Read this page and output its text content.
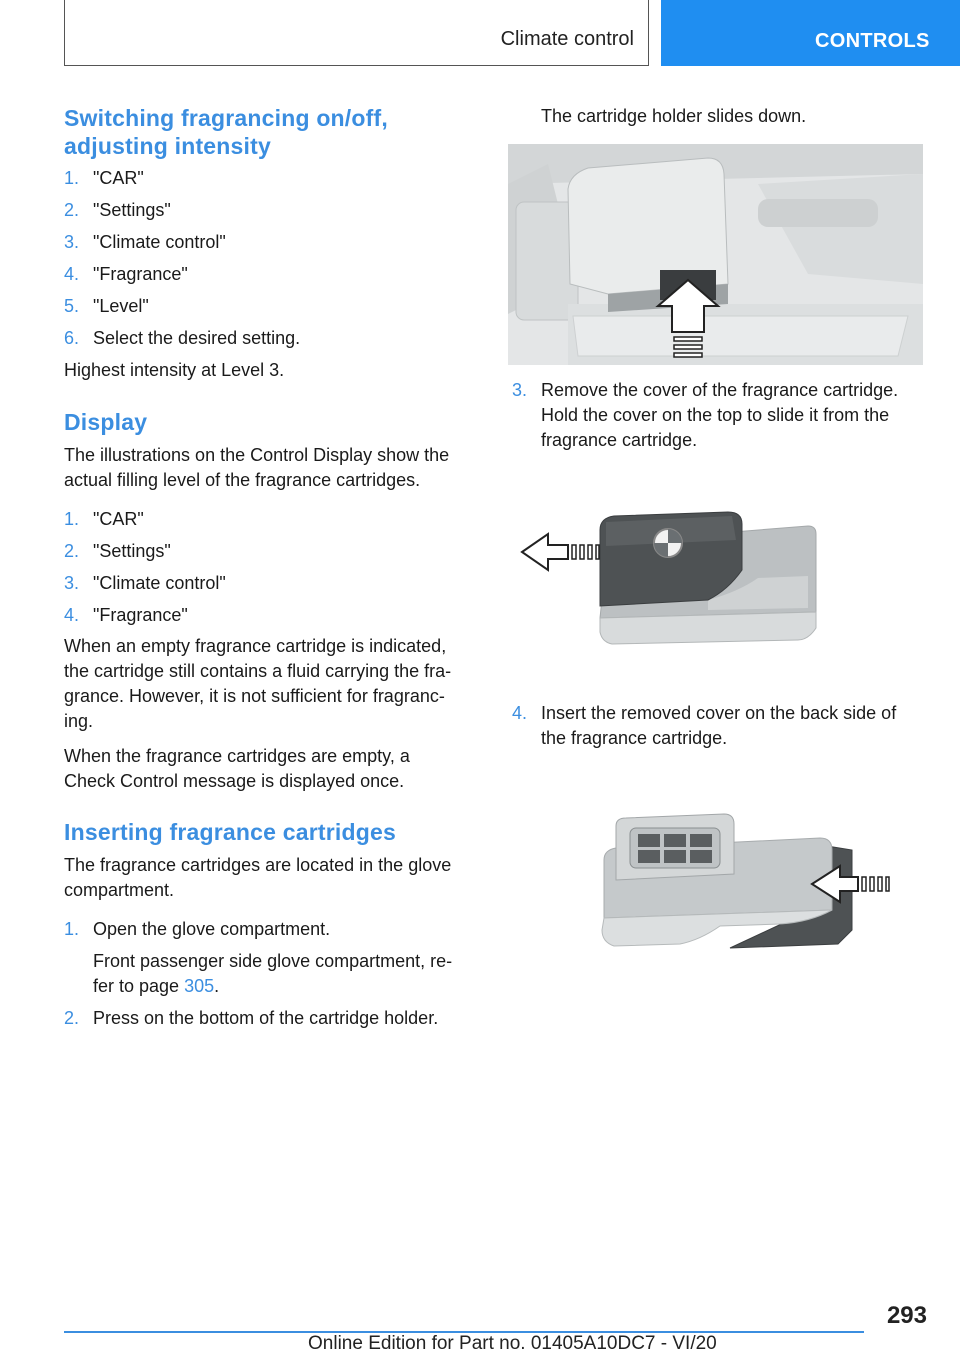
Climate control	CONTROLS
Switching fragrancing on/off,
adjusting intensity
1. "CAR"
2. "Settings"
3. "Climate control"
4. "Fragrance"
5. "Level"
6. Select the desired setting.
Highest intensity at Level 3.
Display
The illustrations on the Control Display show the
actual filling level of the fragrance cartridges.
1. "CAR"
2. "Settings"
3. "Climate control"
4. "Fragrance"
When an empty fragrance cartridge is indicated,
the cartridge still contains a fluid carrying the fra‐
grance. However, it is not sufficient for fragranc‐
ing.
When the fragrance cartridges are empty, a
Check Control message is displayed once.
Inserting fragrance cartridges
The fragrance cartridges are located in the glove
compartment.
1. Open the glove compartment.
Front passenger side glove compartment, re‐
fer to page 305.
2. Press on the bottom of the cartridge holder.
The cartridge holder slides down.
3. Remove the cover of the fragrance cartridge.
Hold the cover on the top to slide it from the
fragrance cartridge.
4. Insert the removed cover on the back side of
the fragrance cartridge.
293
Online Edition for Part no. 01405A10DC7 - VI/20
